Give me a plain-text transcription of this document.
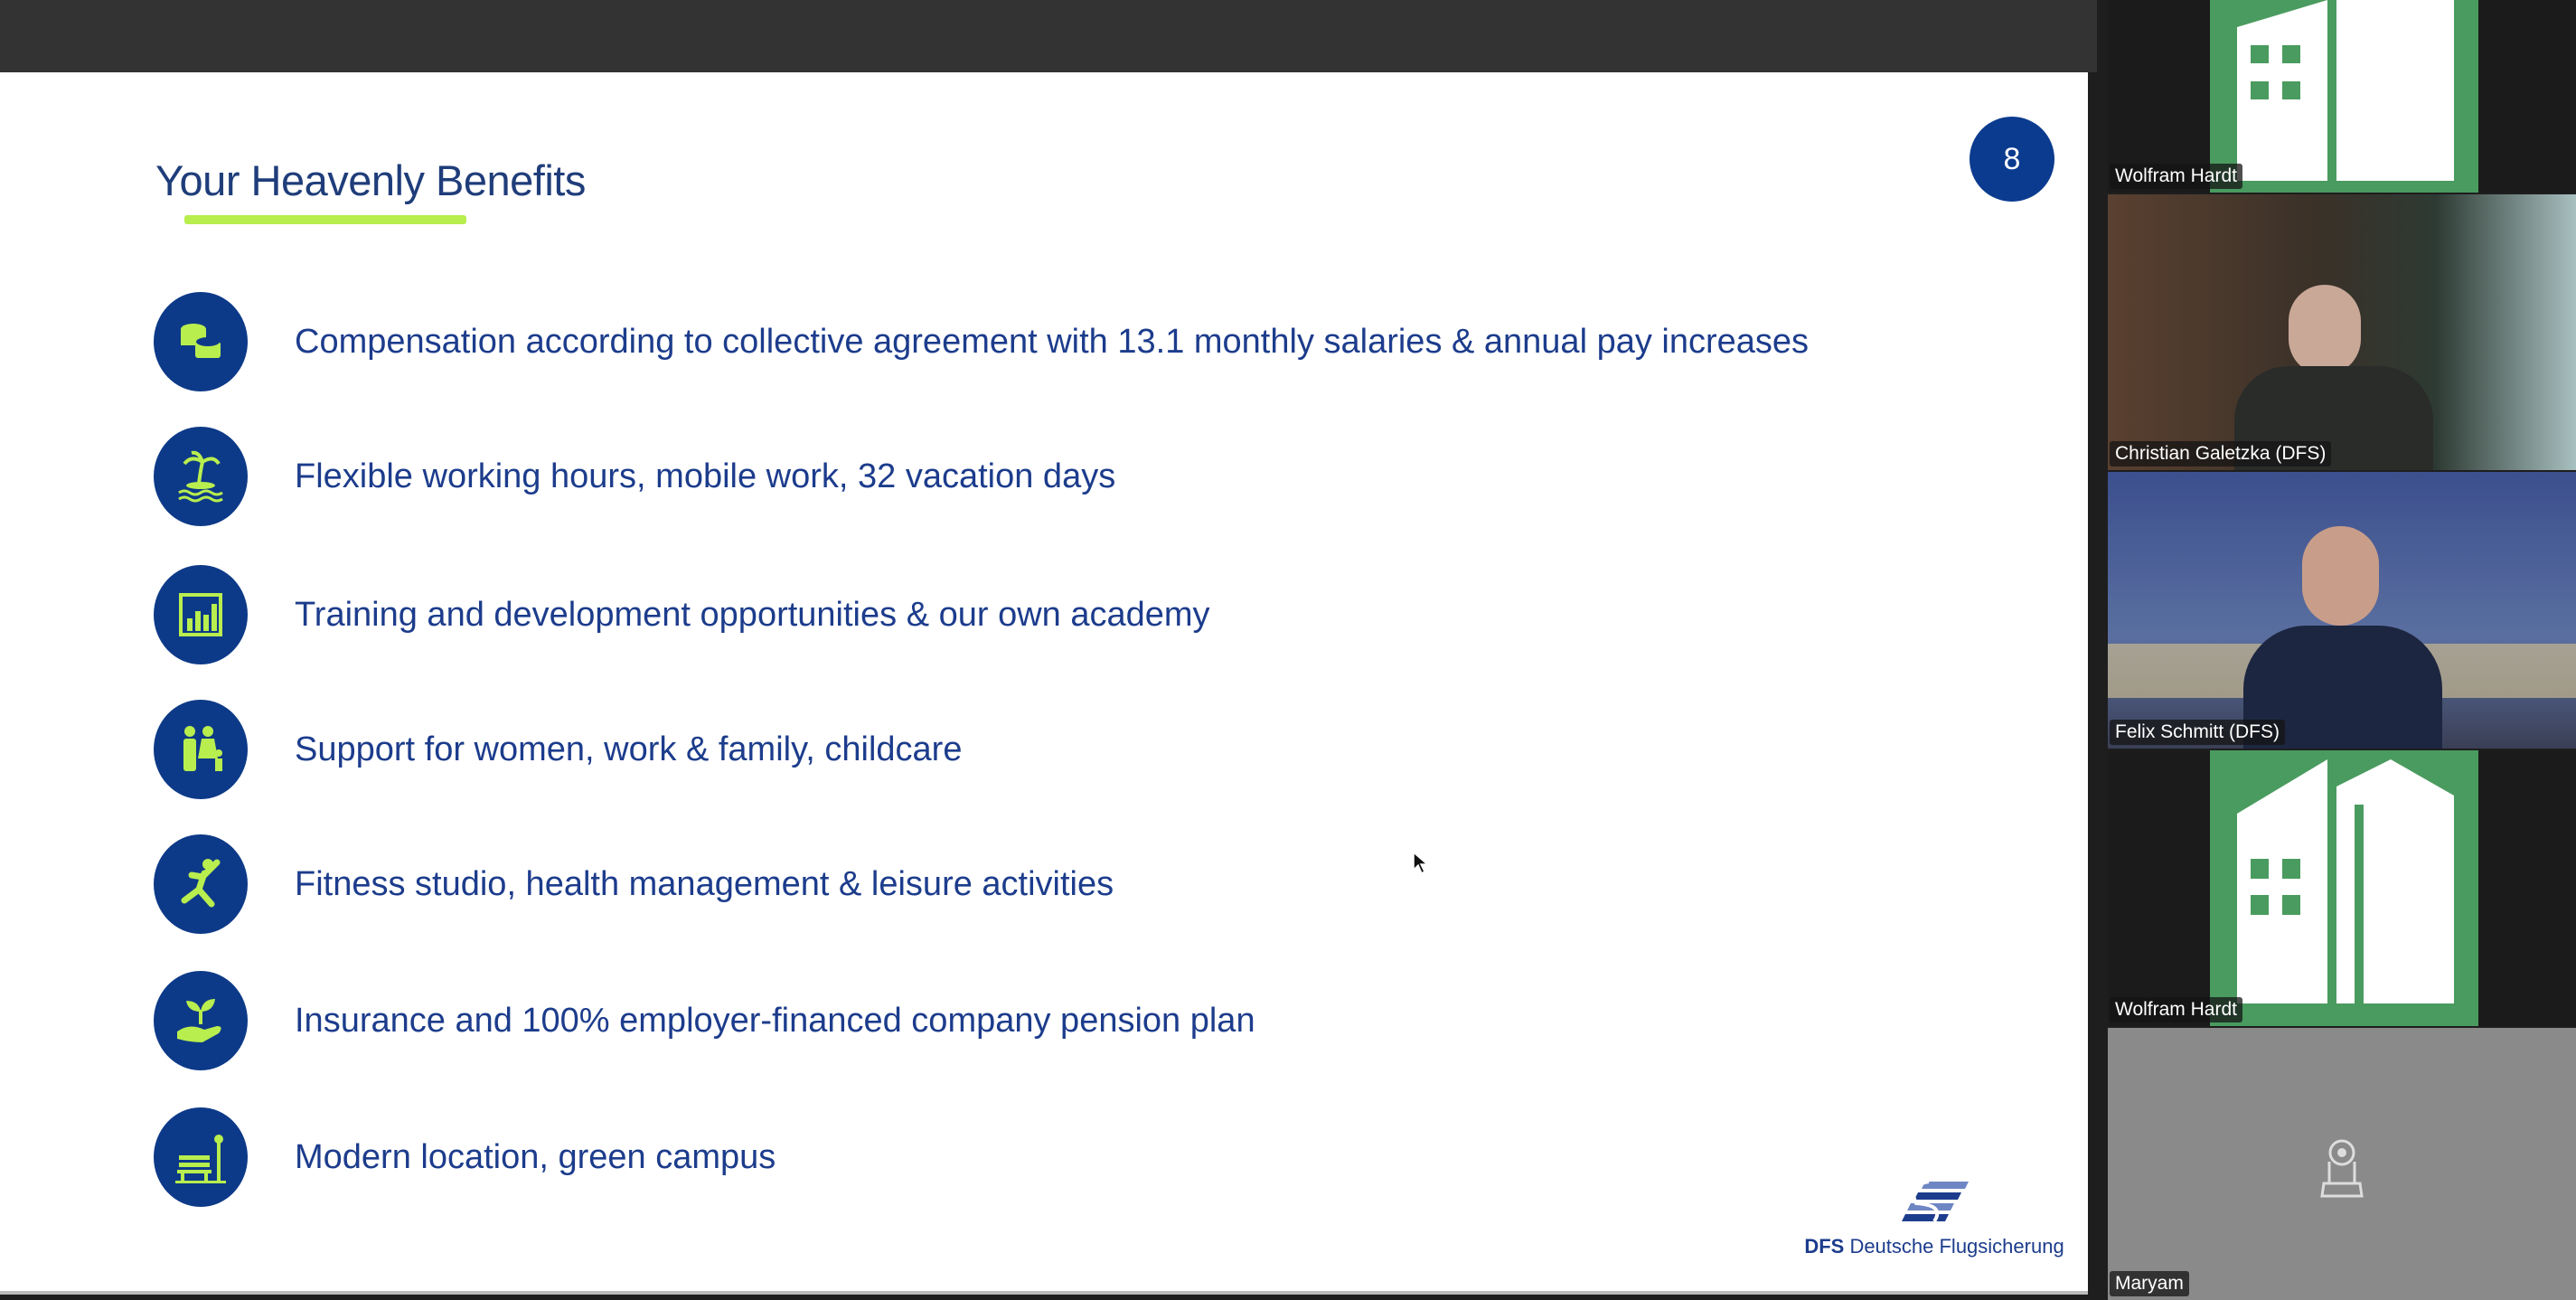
Your Heavenly Benefits	8
Compensation according to collective agreement with 13.1 monthly salaries & annual pay increases
Flexible working hours, mobile work, 32 vacation days
Training and development opportunities & our own academy
Support for women, work & family, childcare
Fitness studio, health management & leisure activities
Insurance and 100% employer-financed company pension plan
Modern location, green campus
DFS Deutsche Flugsicherung
Wolfram Hardt
Christian Galetzka (DFS)
Felix Schmitt (DFS)
Wolfram Hardt
Maryam
